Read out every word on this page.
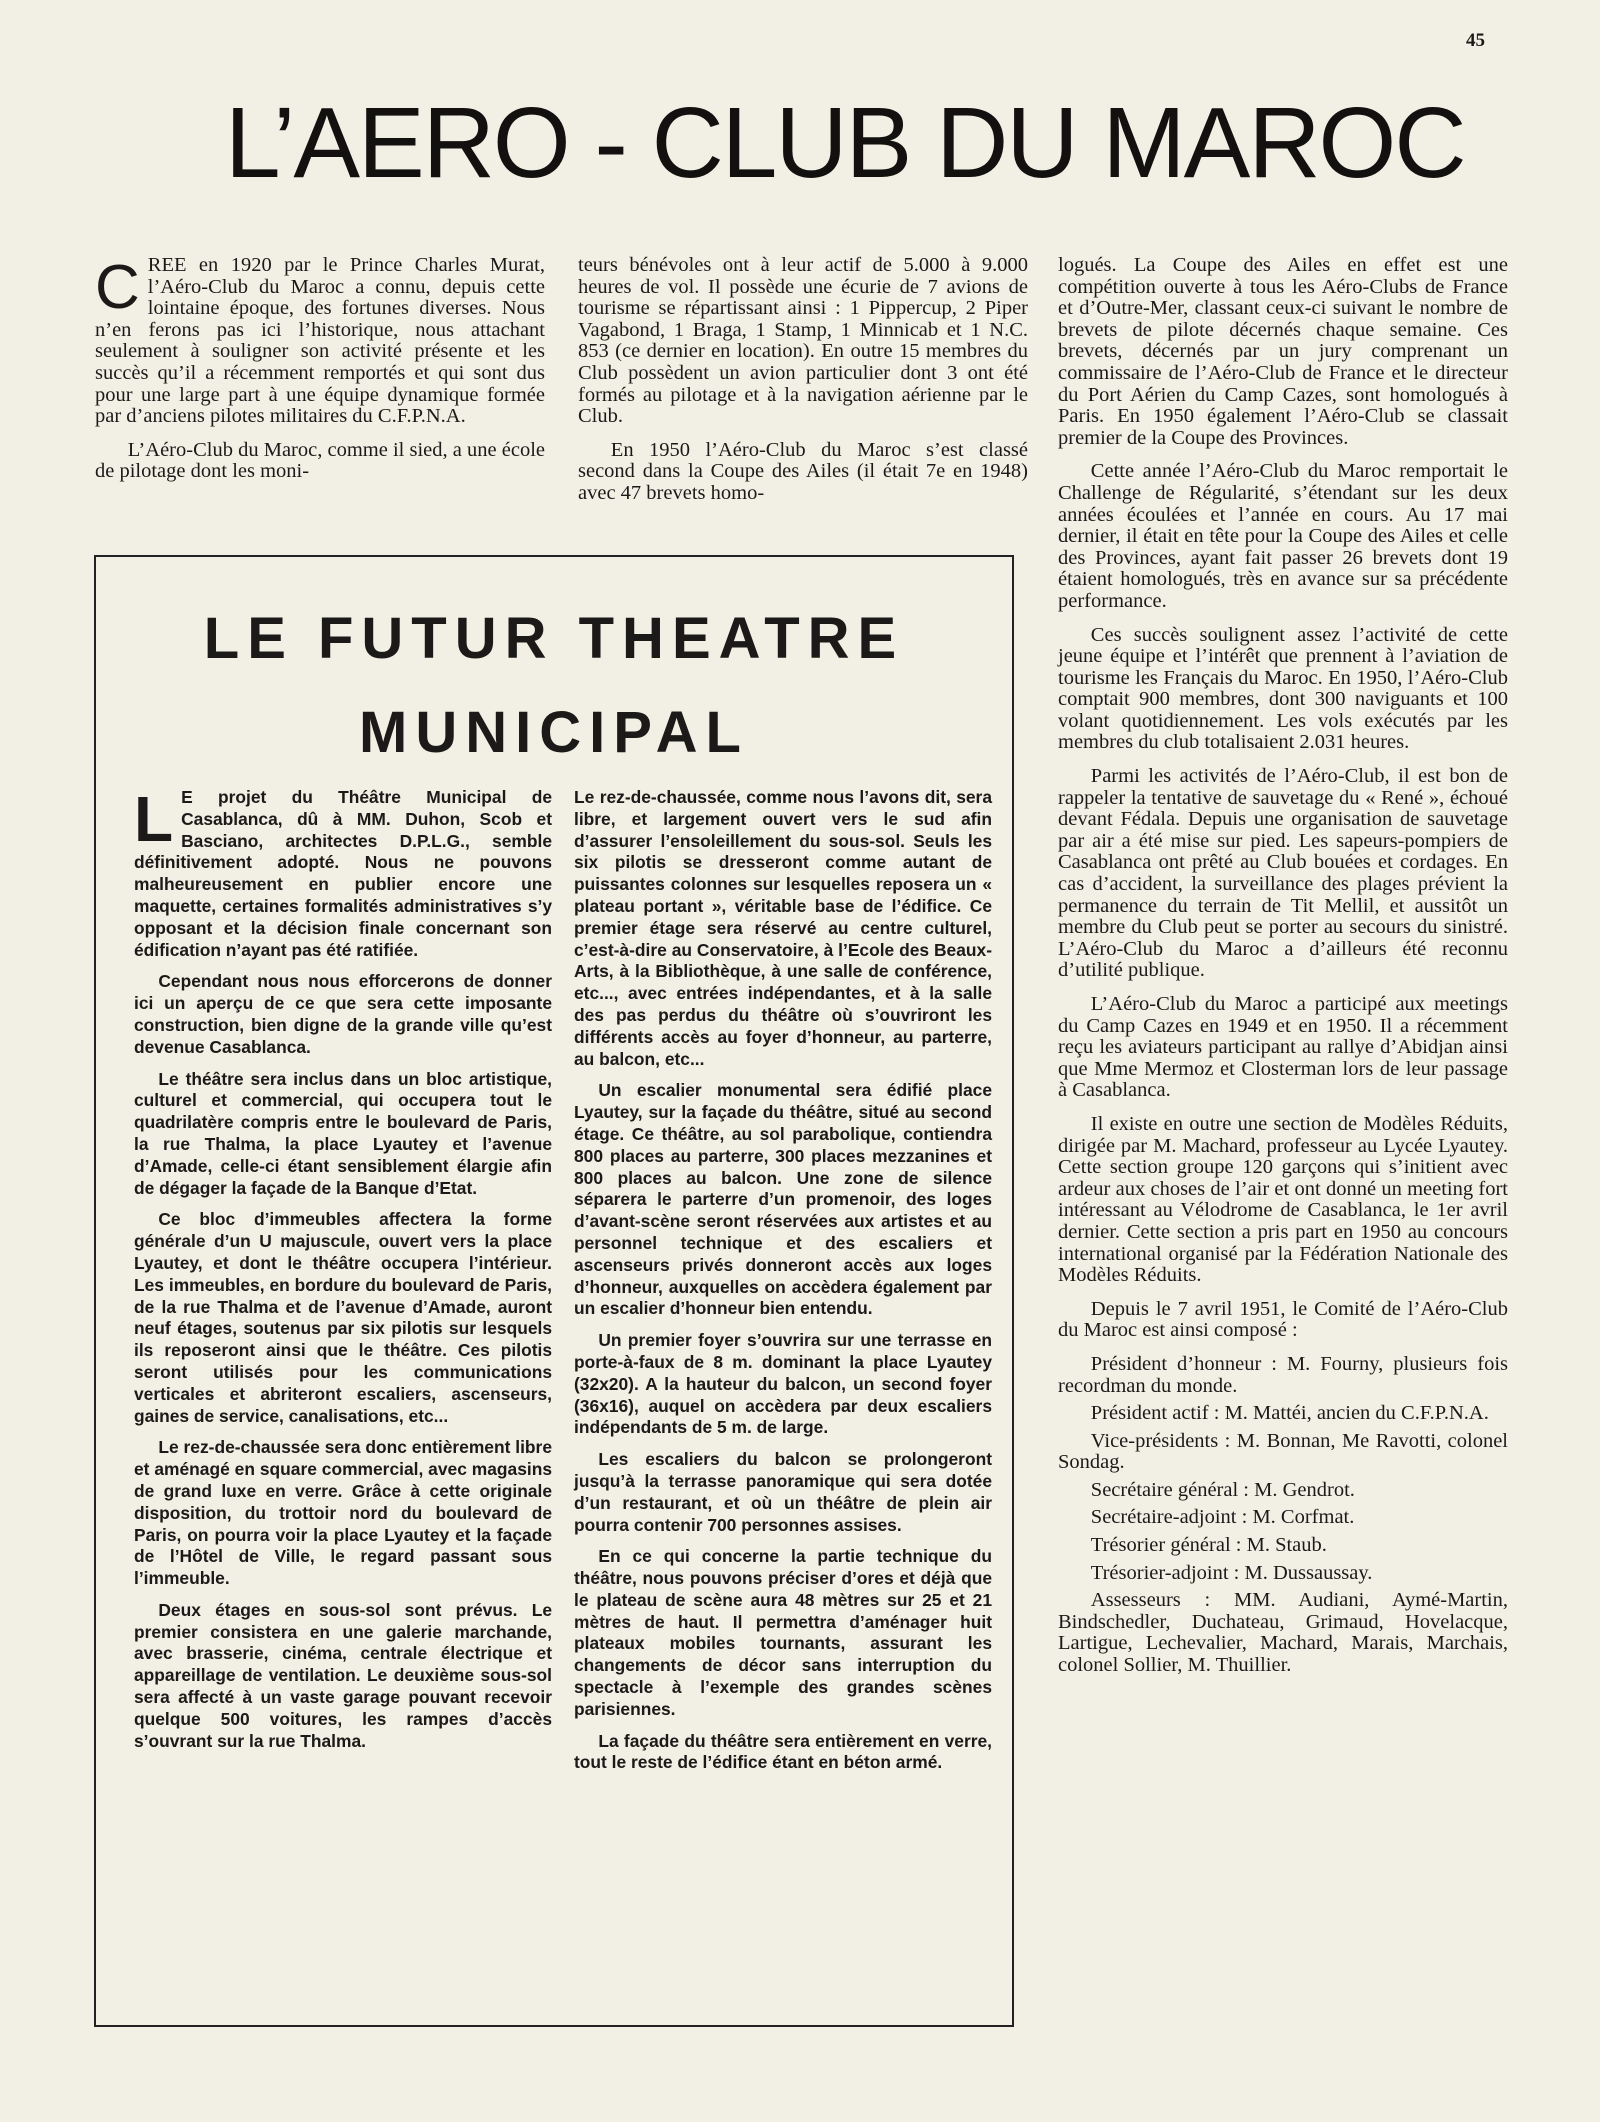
45
L’AERO - CLUB DU MAROC

CREE en 1920 par le Prince Charles Murat, l’Aéro-Club du Maroc a connu, depuis cette lointaine époque, des fortunes diverses. Nous n’en ferons pas ici l’historique, nous attachant seulement à souligner son activité présente et les succès qu’il a récemment remportés et qui sont dus pour une large part à une équipe dynamique formée par d’anciens pilotes militaires du C.F.P.N.A.

L’Aéro-Club du Maroc, comme il sied, a une école de pilotage dont les moni-

teurs bénévoles ont à leur actif de 5.000 à 9.000 heures de vol. Il possède une écurie de 7 avions de tourisme se répartissant ainsi : 1 Pippercup, 2 Piper Vagabond, 1 Braga, 1 Stamp, 1 Minnicab et 1 N.C. 853 (ce dernier en location). En outre 15 membres du Club possèdent un avion particulier dont 3 ont été formés au pilotage et à la navigation aérienne par le Club.

En 1950 l’Aéro-Club du Maroc s’est classé second dans la Coupe des Ailes (il était 7e en 1948) avec 47 brevets homo-

logués. La Coupe des Ailes en effet est une compétition ouverte à tous les Aéro-Clubs de France et d’Outre-Mer, classant ceux-ci suivant le nombre de brevets de pilote décernés chaque semaine. Ces brevets, décernés par un jury comprenant un commissaire de l’Aéro-Club de France et le directeur du Port Aérien du Camp Cazes, sont homologués à Paris. En 1950 également l’Aéro-Club se classait premier de la Coupe des Provinces.

Cette année l’Aéro-Club du Maroc remportait le Challenge de Régularité, s’étendant sur les deux années écoulées et l’année en cours. Au 17 mai dernier, il était en tête pour la Coupe des Ailes et celle des Provinces, ayant fait passer 26 brevets dont 19 étaient homologués, très en avance sur sa précédente performance.

Ces succès soulignent assez l’activité de cette jeune équipe et l’intérêt que prennent à l’aviation de tourisme les Français du Maroc. En 1950, l’Aéro-Club comptait 900 membres, dont 300 naviguants et 100 volant quotidiennement. Les vols exécutés par les membres du club totalisaient 2.031 heures.

Parmi les activités de l’Aéro-Club, il est bon de rappeler la tentative de sauvetage du « René », échoué devant Fédala. Depuis une organisation de sauvetage par air a été mise sur pied. Les sapeurs-pompiers de Casablanca ont prêté au Club bouées et cordages. En cas d’accident, la surveillance des plages prévient la permanence du terrain de Tit Mellil, et aussitôt un membre du Club peut se porter au secours du sinistré. L’Aéro-Club du Maroc a d’ailleurs été reconnu d’utilité publique.

L’Aéro-Club du Maroc a participé aux meetings du Camp Cazes en 1949 et en 1950. Il a récemment reçu les aviateurs participant au rallye d’Abidjan ainsi que Mme Mermoz et Closterman lors de leur passage à Casablanca.

Il existe en outre une section de Modèles Réduits, dirigée par M. Machard, professeur au Lycée Lyautey. Cette section groupe 120 garçons qui s’initient avec ardeur aux choses de l’air et ont donné un meeting fort intéressant au Vélodrome de Casablanca, le 1er avril dernier. Cette section a pris part en 1950 au concours international organisé par la Fédération Nationale des Modèles Réduits.

Depuis le 7 avril 1951, le Comité de l’Aéro-Club du Maroc est ainsi composé :

Président d’honneur : M. Fourny, plusieurs fois recordman du monde.

Président actif : M. Mattéi, ancien du C.F.P.N.A.

Vice-présidents : M. Bonnan, Me Ravotti, colonel Sondag.

Secrétaire général : M. Gendrot.

Secrétaire-adjoint : M. Corfmat.

Trésorier général : M. Staub.

Trésorier-adjoint : M. Dussaussay.

Assesseurs : MM. Audiani, Aymé-Martin, Bindschedler, Duchateau, Grimaud, Hovelacque, Lartigue, Lechevalier, Machard, Marais, Marchais, colonel Sollier, M. Thuillier.

LE FUTUR THEATRE
MUNICIPAL

L E projet du Théâtre Municipal de Casablanca, dû à MM. Duhon, Scob et Basciano, architectes D.P.L.G., semble définitivement adopté. Nous ne pouvons malheureusement en publier encore une maquette, certaines formalités administratives s’y opposant et la décision finale concernant son édification n’ayant pas été ratifiée.

Cependant nous nous efforcerons de donner ici un aperçu de ce que sera cette imposante construction, bien digne de la grande ville qu’est devenue Casablanca.

Le théâtre sera inclus dans un bloc artistique, culturel et commercial, qui occupera tout le quadrilatère compris entre le boulevard de Paris, la rue Thalma, la place Lyautey et l’avenue d’Amade, celle-ci étant sensiblement élargie afin de dégager la façade de la Banque d’Etat.

Ce bloc d’immeubles affectera la forme générale d’un U majuscule, ouvert vers la place Lyautey, et dont le théâtre occupera l’intérieur. Les immeubles, en bordure du boulevard de Paris, de la rue Thalma et de l’avenue d’Amade, auront neuf étages, soutenus par six pilotis sur lesquels ils reposeront ainsi que le théâtre. Ces pilotis seront utilisés pour les communications verticales et abriteront escaliers, ascenseurs, gaines de service, canalisations, etc...

Le rez-de-chaussée sera donc entièrement libre et aménagé en square commercial, avec magasins de grand luxe en verre. Grâce à cette originale disposition, du trottoir nord du boulevard de Paris, on pourra voir la place Lyautey et la façade de l’Hôtel de Ville, le regard passant sous l’immeuble.

Deux étages en sous-sol sont prévus. Le premier consistera en une galerie marchande, avec brasserie, cinéma, centrale électrique et appareillage de ventilation. Le deuxième sous-sol sera affecté à un vaste garage pouvant recevoir quelque 500 voitures, les rampes d’accès s’ouvrant sur la rue Thalma.

Le rez-de-chaussée, comme nous l’avons dit, sera libre, et largement ouvert vers le sud afin d’assurer l’ensoleillement du sous-sol. Seuls les six pilotis se dresseront comme autant de puissantes colonnes sur lesquelles reposera un « plateau portant », véritable base de l’édifice. Ce premier étage sera réservé au centre culturel, c’est-à-dire au Conservatoire, à l’Ecole des Beaux-Arts, à la Bibliothèque, à une salle de conférence, etc..., avec entrées indépendantes, et à la salle des pas perdus du théâtre où s’ouvriront les différents accès au foyer d’honneur, au parterre, au balcon, etc...

Un escalier monumental sera édifié place Lyautey, sur la façade du théâtre, situé au second étage. Ce théâtre, au sol parabolique, contiendra 800 places au parterre, 300 places mezzanines et 800 places au balcon. Une zone de silence séparera le parterre d’un promenoir, des loges d’avant-scène seront réservées aux artistes et au personnel technique et des escaliers et ascenseurs privés donneront accès aux loges d’honneur, auxquelles on accèdera également par un escalier d’honneur bien entendu.

Un premier foyer s’ouvrira sur une terrasse en porte-à-faux de 8 m. dominant la place Lyautey (32x20). A la hauteur du balcon, un second foyer (36x16), auquel on accèdera par deux escaliers indépendants de 5 m. de large.

Les escaliers du balcon se prolongeront jusqu’à la terrasse panoramique qui sera dotée d’un restaurant, et où un théâtre de plein air pourra contenir 700 personnes assises.

En ce qui concerne la partie technique du théâtre, nous pouvons préciser d’ores et déjà que le plateau de scène aura 48 mètres sur 25 et 21 mètres de haut. Il permettra d’aménager huit plateaux mobiles tournants, assurant les changements de décor sans interruption du spectacle à l’exemple des grandes scènes parisiennes.

La façade du théâtre sera entièrement en verre, tout le reste de l’édifice étant en béton armé.
